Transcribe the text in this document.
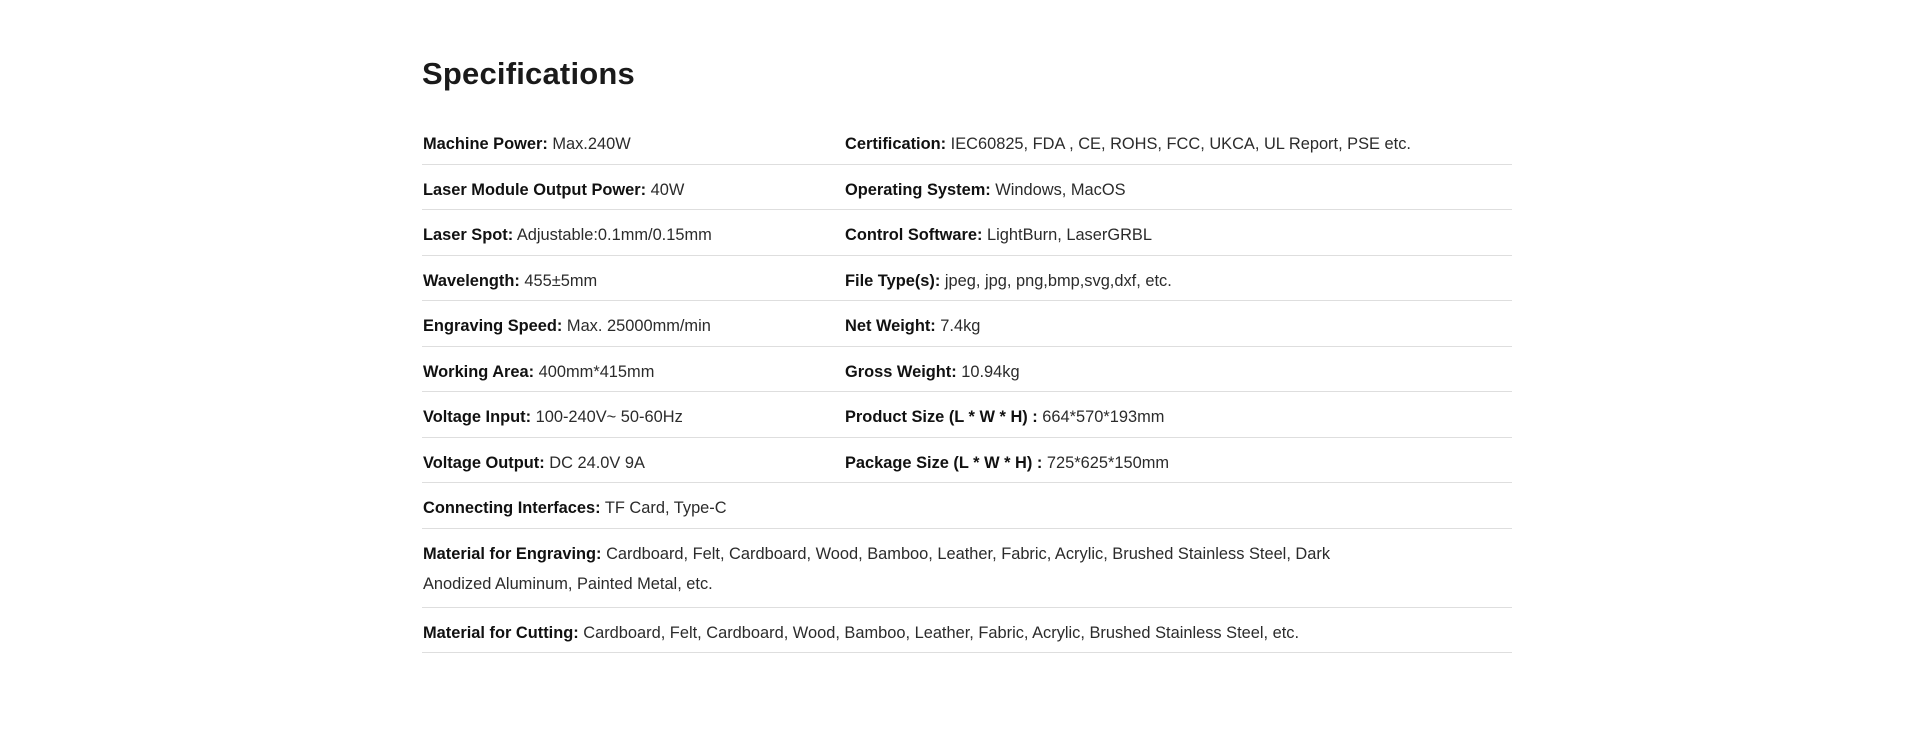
Specifications
Machine Power: Max.240W	Certification: IEC60825, FDA , CE, ROHS, FCC, UKCA, UL Report, PSE etc.
Laser Module Output Power: 40W	Operating System: Windows, MacOS
Laser Spot: Adjustable:0.1mm/0.15mm	Control Software: LightBurn, LaserGRBL
Wavelength: 455±5mm	File Type(s): jpeg, jpg, png,bmp,svg,dxf, etc.
Engraving Speed: Max. 25000mm/min	Net Weight: 7.4kg
Working Area: 400mm*415mm	Gross Weight: 10.94kg
Voltage Input: 100-240V~ 50-60Hz	Product Size (L * W * H) : 664*570*193mm
Voltage Output: DC 24.0V 9A	Package Size (L * W * H) : 725*625*150mm
Connecting Interfaces: TF Card, Type-C
Material for Engraving: Cardboard, Felt, Cardboard, Wood, Bamboo, Leather, Fabric, Acrylic, Brushed Stainless Steel, Dark Anodized Aluminum, Painted Metal, etc.
Material for Cutting: Cardboard, Felt, Cardboard, Wood, Bamboo, Leather, Fabric, Acrylic, Brushed Stainless Steel, etc.
